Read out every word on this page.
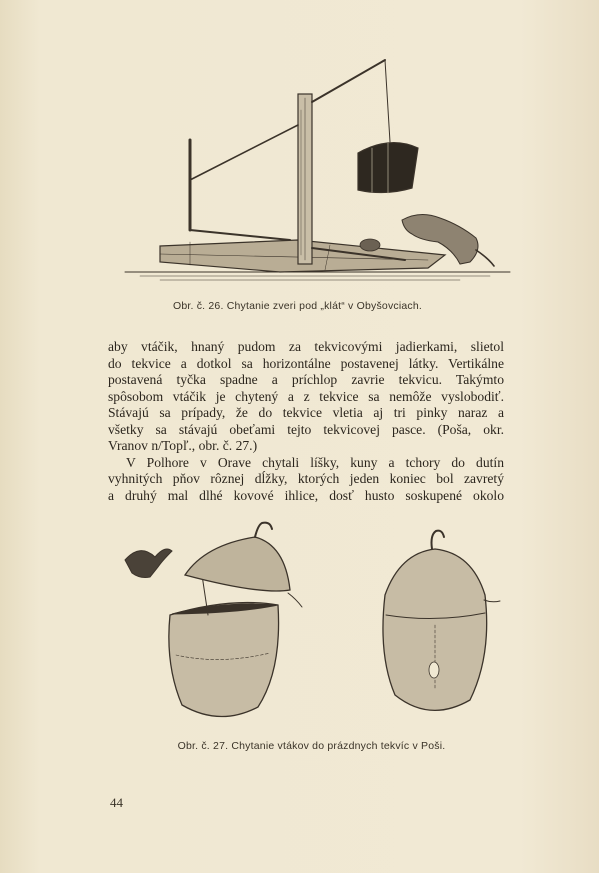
Obr. č. 26. Chytanie zveri pod „klát“ v Obyšovciach.
aby vtáčik, hnaný pudom za tekvicovými jadierkami, slietol
do tekvice a dotkol sa horizontálne postavenej látky. Vertikálne
postavená tyčka spadne a príchlop zavrie tekvicu. Takýmto
spôsobom vtáčik je chytený a z tekvice sa nemôže vyslobodiť.
Stávajú sa prípady, že do tekvice vletia aj tri pinky naraz a
všetky sa stávajú obeťami tejto tekvicovej pasce. (Poša, okr.
Vranov n/Topľ., obr. č. 27.)
V Polhore v Orave chytali líšky, kuny a tchory do dutín
vyhnitých pňov rôznej dĺžky, ktorých jeden koniec bol zavretý
a druhý mal dlhé kovové ihlice, dosť husto soskupené okolo
Obr. č. 27. Chytanie vtákov do prázdnych tekvíc v Poši.
44
